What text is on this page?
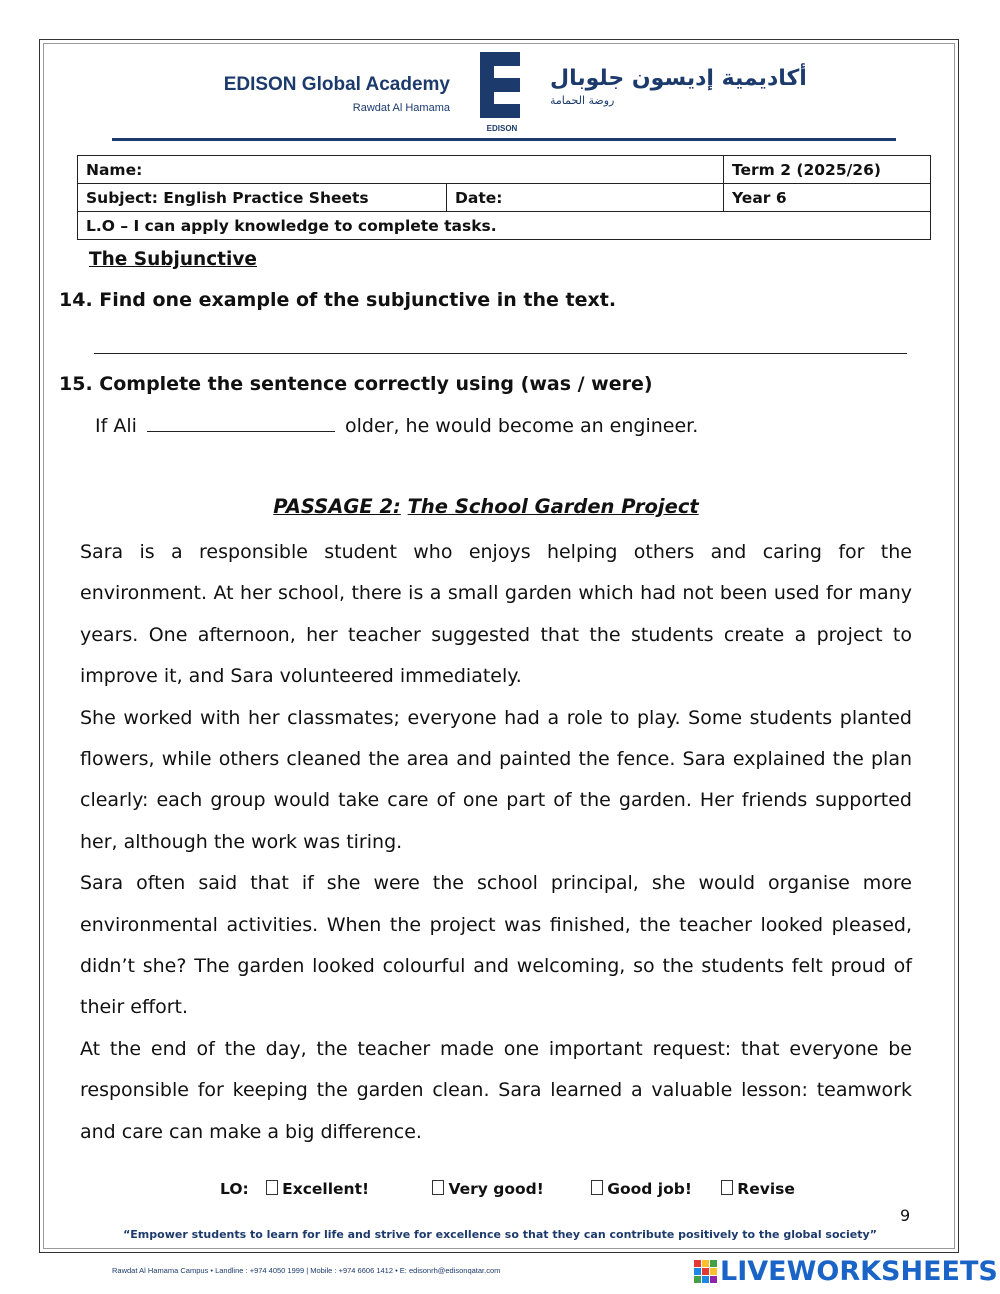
EDISON Global Academy
Rawdat Al Hamama
EDISON
أكاديمية إديسون جلوبال
روضة الحمامة
Name:		Term 2 (2025/26)
Subject: English Practice Sheets	Date:	Year 6
L.O – I can apply knowledge to complete tasks.		
The Subjunctive
14. Find one example of the subjunctive in the text.
15. Complete the sentence correctly using (was / were)
If Ali	older, he would become an engineer.
PASSAGE 2: The School Garden Project

Sara is a responsible student who enjoys helping others and caring for the environment. At her school, there is a small garden which had not been used for many years. One afternoon, her teacher suggested that the students create a project to improve it, and Sara volunteered immediately.

She worked with her classmates; everyone had a role to play. Some students planted flowers, while others cleaned the area and painted the fence. Sara explained the plan clearly: each group would take care of one part of the garden. Her friends supported her, although the work was tiring.

Sara often said that if she were the school principal, she would organise more environmental activities. When the project was finished, the teacher looked pleased, didn’t she? The garden looked colourful and welcoming, so the students felt proud of their effort.

At the end of the day, the teacher made one important request: that everyone be responsible for keeping the garden clean. Sara learned a valuable lesson: teamwork and care can make a big difference.

LO: Excellent!	Very good!	Good job!	Revise
9
“Empower students to learn for life and strive for excellence so that they can contribute positively to the global society”
Rawdat Al Hamama Campus • Landline : +974 4050 1999 | Mobile : +974 6606 1412 • E: edisonrh@edisonqatar.com	LIVEWORKSHEETS
